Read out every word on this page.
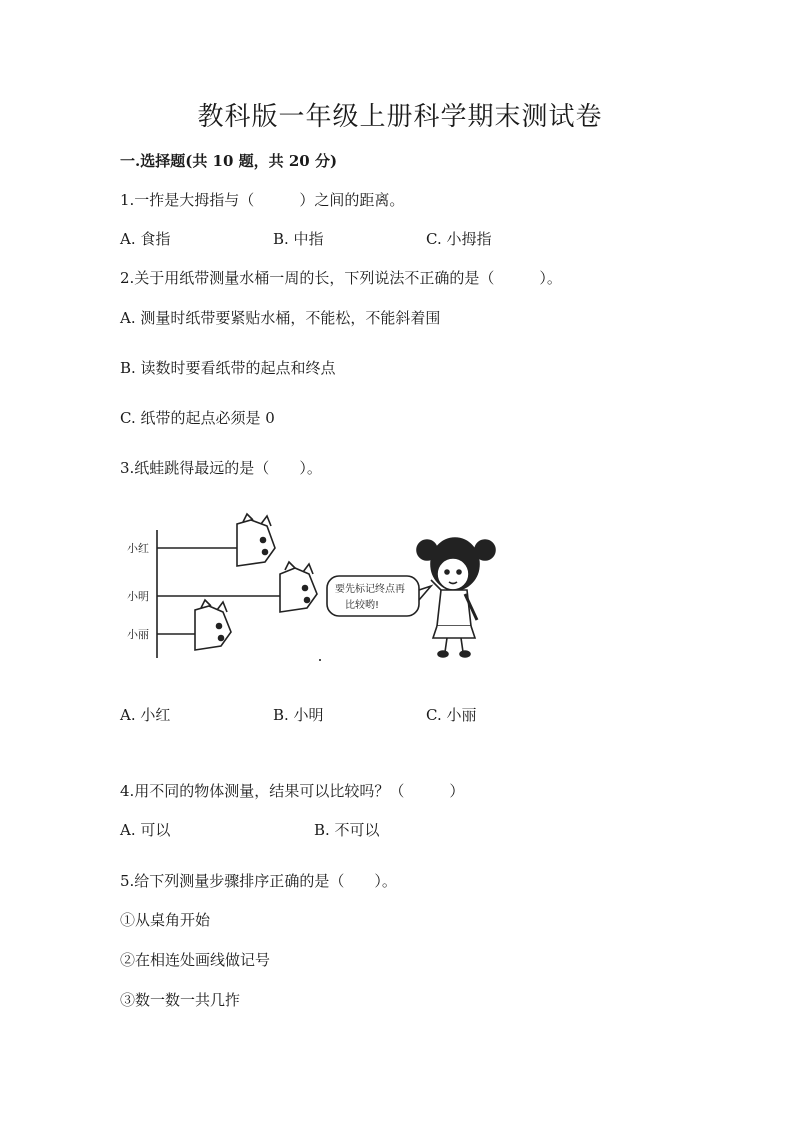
教科版一年级上册科学期末测试卷
一.选择题(共 10 题，共 20 分)
1.一拃是大拇指与（　　　）之间的距离。
A. 食指	B. 中指	C. 小拇指
2.关于用纸带测量水桶一周的长，下列说法不正确的是（　　　）。
A. 测量时纸带要紧贴水桶，不能松，不能斜着围
B. 读数时要看纸带的起点和终点
C. 纸带的起点必须是 0
3.纸蛙跳得最远的是（　　）。
小红
小明
小丽
要先标记终点再
比较哟!
A. 小红	B. 小明	C. 小丽
4.用不同的物体测量，结果可以比较吗？（　　　）
A. 可以	B. 不可以
5.给下列测量步骤排序正确的是（　　）。
①从桌角开始
②在相连处画线做记号
③数一数一共几拃
